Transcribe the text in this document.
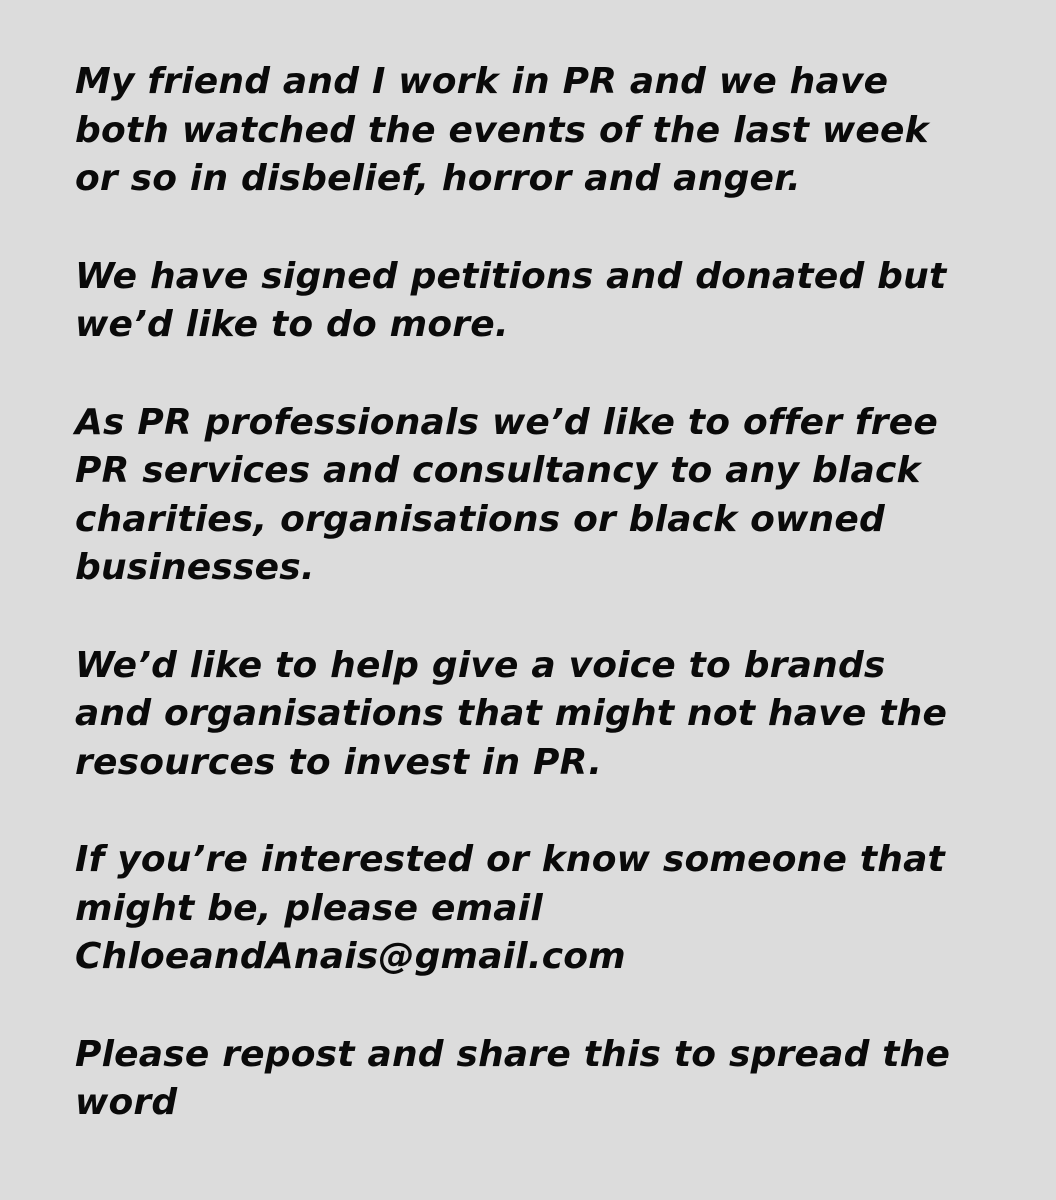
My friend and I work in PR and we have
both watched the events of the last week
or so in disbelief, horror and anger.

We have signed petitions and donated but
we’d like to do more.

As PR professionals we’d like to offer free
PR services and consultancy to any black
charities, organisations or black owned
businesses.

We’d like to help give a voice to brands
and organisations that might not have the
resources to invest in PR.

If you’re interested or know someone that
might be, please email
ChloeandAnais@gmail.com

Please repost and share this to spread the
word
